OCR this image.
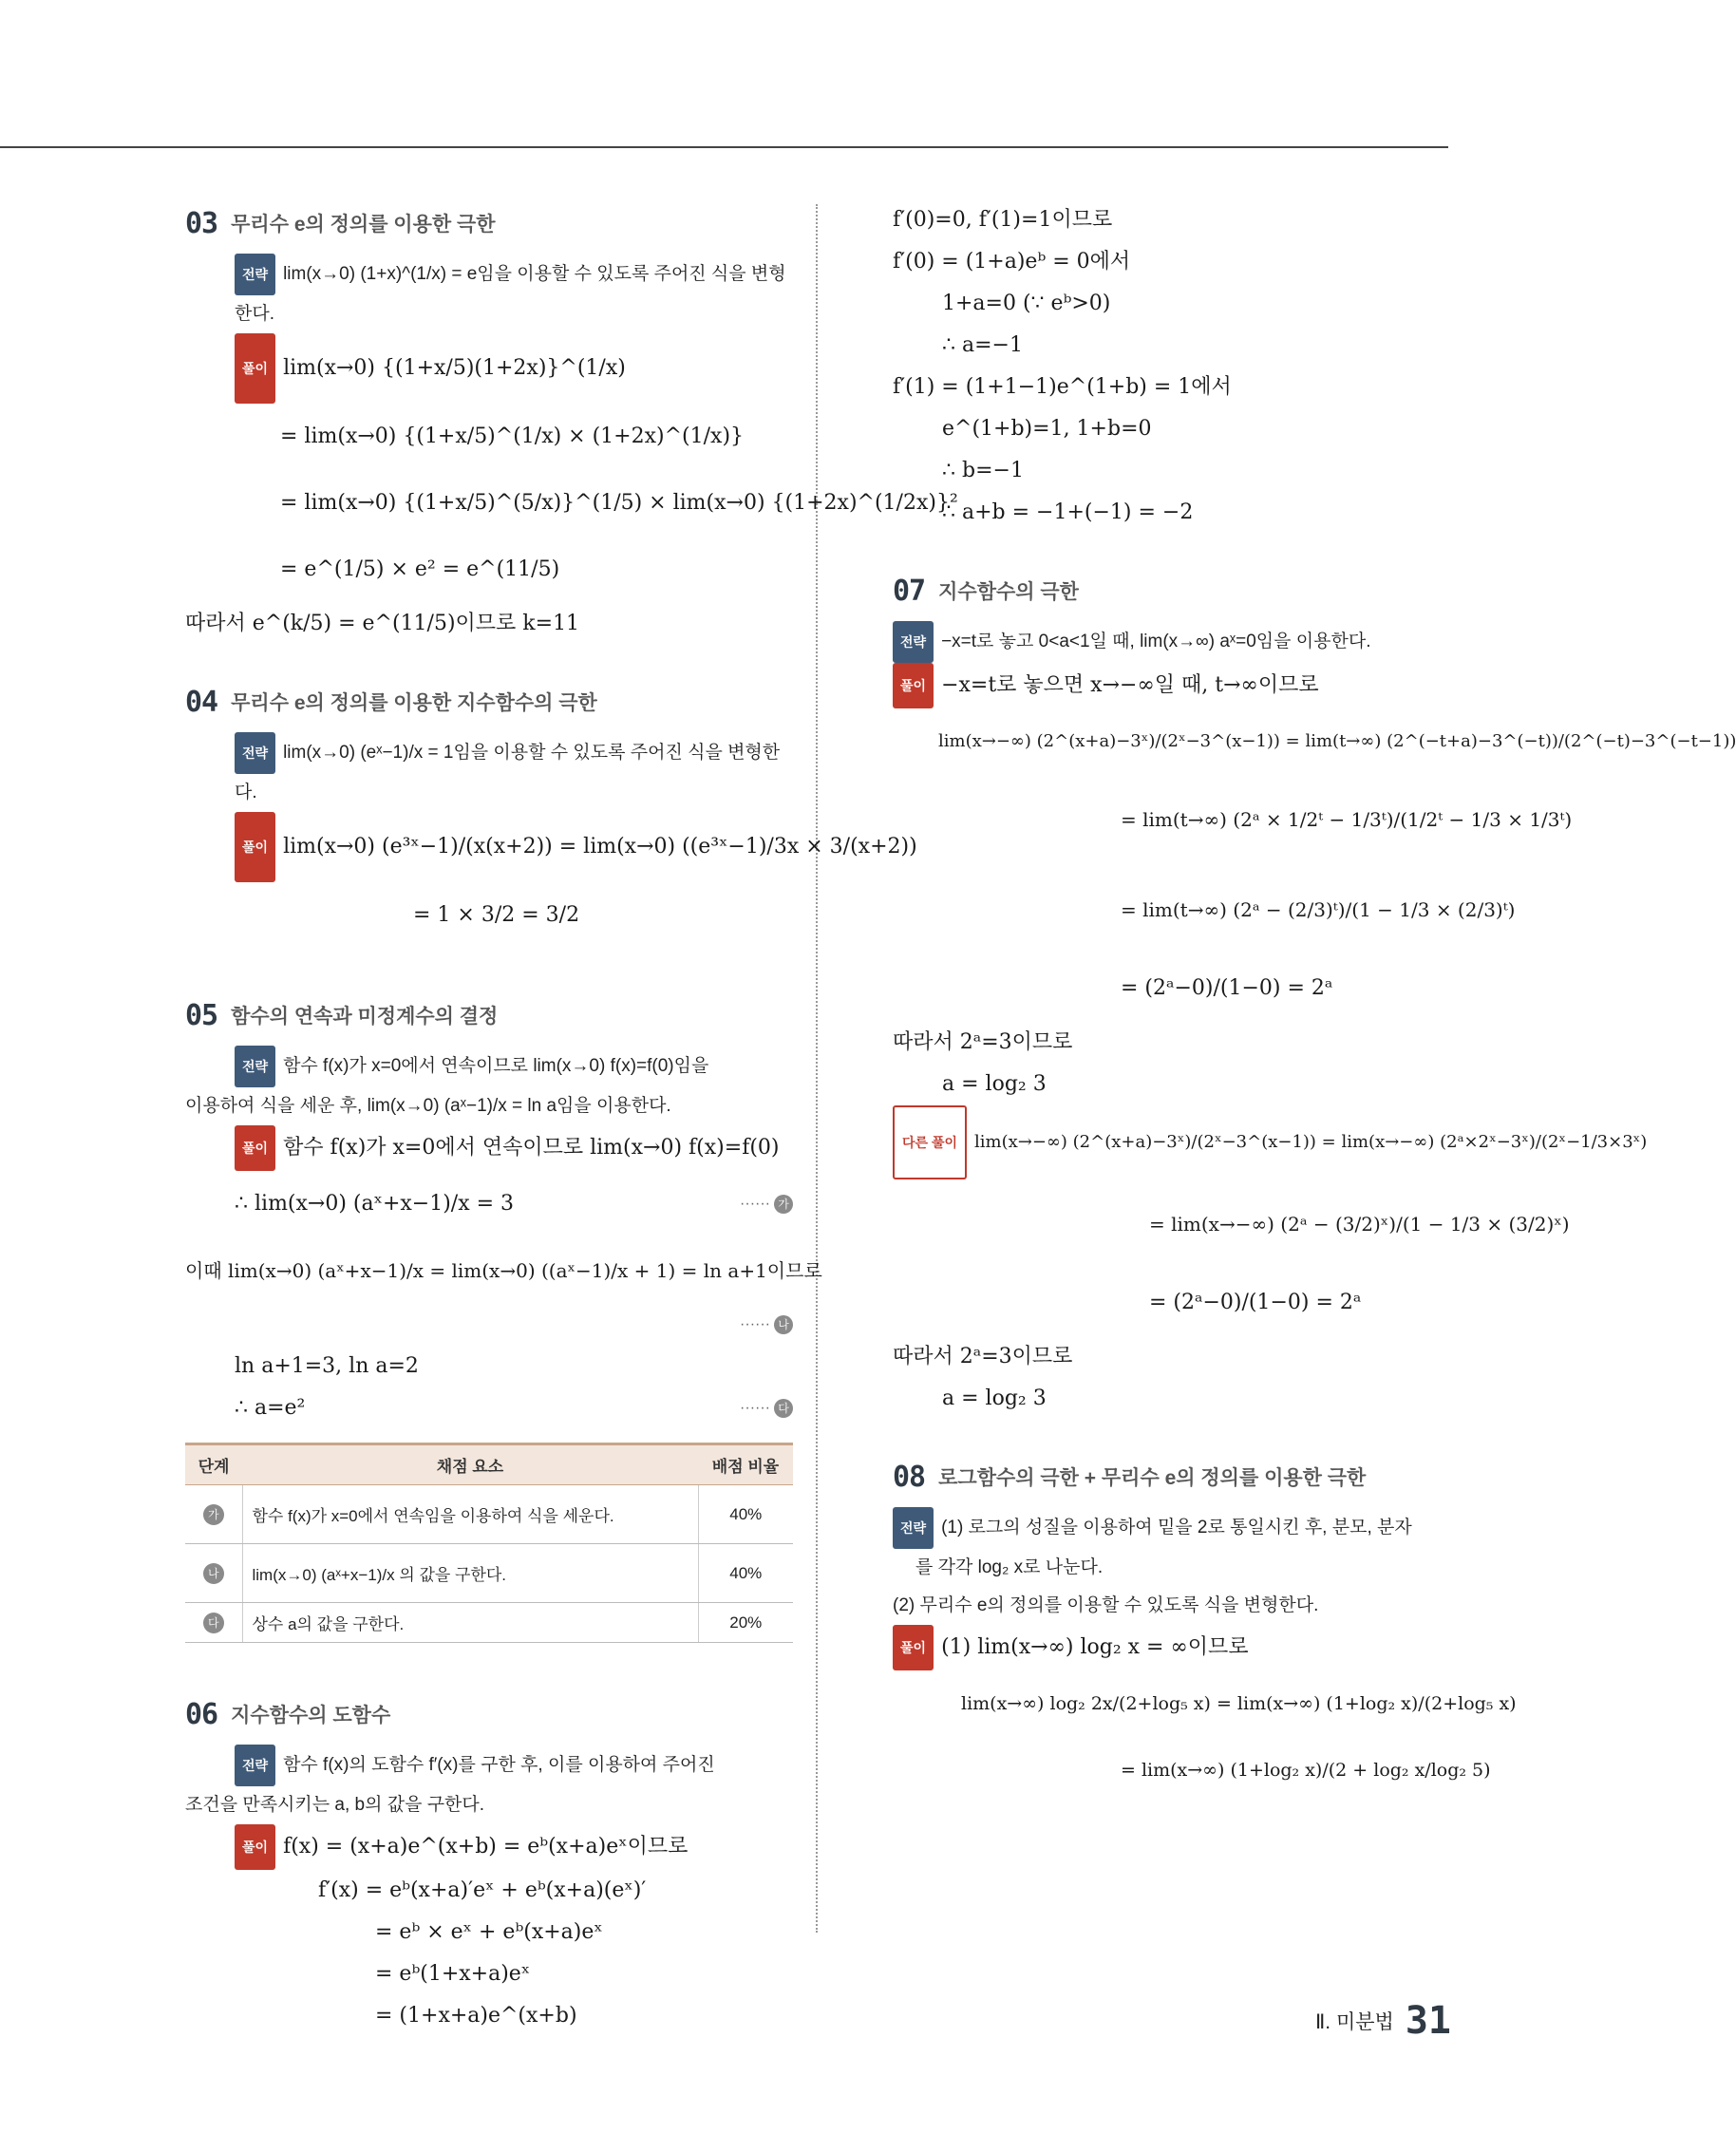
03 무리수 e의 정의를 이용한 극한
전략 lim(x→0) (1+x)^(1/x) = e임을 이용할 수 있도록 주어진 식을 변형한다.
풀이 lim(x→0) {(1+x/5)(1+2x)}^(1/x)
= lim(x→0) {(1+x/5)^(1/x) × (1+2x)^(1/x)}
= lim(x→0) {(1+x/5)^(5/x)}^(1/5) × lim(x→0) {(1+2x)^(1/2x)}²
= e^(1/5) × e² = e^(11/5)
따라서 e^(k/5) = e^(11/5)이므로 k=11
04 무리수 e의 정의를 이용한 지수함수의 극한
전략 lim(x→0) (eˣ−1)/x = 1임을 이용할 수 있도록 주어진 식을 변형한다.
풀이 lim(x→0) (e³ˣ−1)/(x(x+2)) = lim(x→0) ((e³ˣ−1)/3x × 3/(x+2))
= 1 × 3/2 = 3/2
05 함수의 연속과 미정계수의 결정
전략 함수 f(x)가 x=0에서 연속이므로 lim(x→0) f(x)=f(0)임을
이용하여 식을 세운 후, lim(x→0) (aˣ−1)/x = ln a임을 이용한다.
풀이 함수 f(x)가 x=0에서 연속이므로 lim(x→0) f(x)=f(0)
∴ lim(x→0) (aˣ+x−1)/x = 3	······ 가
이때 lim(x→0) (aˣ+x−1)/x = lim(x→0) ((aˣ−1)/x + 1) = ln a+1이므로
······ 나

ln a+1=3, ln a=2
∴ a=e²	······ 다
단계	채점 요소	배점 비율
가	함수 f(x)가 x=0에서 연속임을 이용하여 식을 세운다.	40%
나	lim(x→0) (aˣ+x−1)/x 의 값을 구한다.	40%
다	상수 a의 값을 구한다.	20%
06 지수함수의 도함수
전략 함수 f(x)의 도함수 f′(x)를 구한 후, 이를 이용하여 주어진
조건을 만족시키는 a, b의 값을 구한다.
풀이 f(x) = (x+a)e^(x+b) = eᵇ(x+a)eˣ이므로
f′(x) = eᵇ(x+a)′eˣ + eᵇ(x+a)(eˣ)′
= eᵇ × eˣ + eᵇ(x+a)eˣ
= eᵇ(1+x+a)eˣ
= (1+x+a)e^(x+b)
f′(0)=0, f′(1)=1이므로
f′(0) = (1+a)eᵇ = 0에서
1+a=0 (∵ eᵇ>0)
∴ a=−1
f′(1) = (1+1−1)e^(1+b) = 1에서
e^(1+b)=1, 1+b=0
∴ b=−1
∴ a+b = −1+(−1) = −2
07 지수함수의 극한
전략 −x=t로 놓고 0<a<1일 때, lim(x→∞) aˣ=0임을 이용한다.
풀이 −x=t로 놓으면 x→−∞일 때, t→∞이므로
lim(x→−∞) (2^(x+a)−3ˣ)/(2ˣ−3^(x−1)) = lim(t→∞) (2^(−t+a)−3^(−t))/(2^(−t)−3^(−t−1))
= lim(t→∞) (2ᵃ × 1/2ᵗ − 1/3ᵗ)/(1/2ᵗ − 1/3 × 1/3ᵗ)
= lim(t→∞) (2ᵃ − (2/3)ᵗ)/(1 − 1/3 × (2/3)ᵗ)
= (2ᵃ−0)/(1−0) = 2ᵃ
따라서 2ᵃ=3이므로
a = log₂ 3
다른 풀이 lim(x→−∞) (2^(x+a)−3ˣ)/(2ˣ−3^(x−1)) = lim(x→−∞) (2ᵃ×2ˣ−3ˣ)/(2ˣ−1/3×3ˣ)
= lim(x→−∞) (2ᵃ − (3/2)ˣ)/(1 − 1/3 × (3/2)ˣ)
= (2ᵃ−0)/(1−0) = 2ᵃ
따라서 2ᵃ=3이므로
a = log₂ 3
08 로그함수의 극한 + 무리수 e의 정의를 이용한 극한
전략 (1) 로그의 성질을 이용하여 밑을 2로 통일시킨 후, 분모, 분자
를 각각 log₂ x로 나눈다.
(2) 무리수 e의 정의를 이용할 수 있도록 식을 변형한다.
풀이 (1) lim(x→∞) log₂ x = ∞이므로
lim(x→∞) log₂ 2x/(2+log₅ x) = lim(x→∞) (1+log₂ x)/(2+log₅ x)
= lim(x→∞) (1+log₂ x)/(2 + log₂ x/log₂ 5)
Ⅱ. 미분법 31
